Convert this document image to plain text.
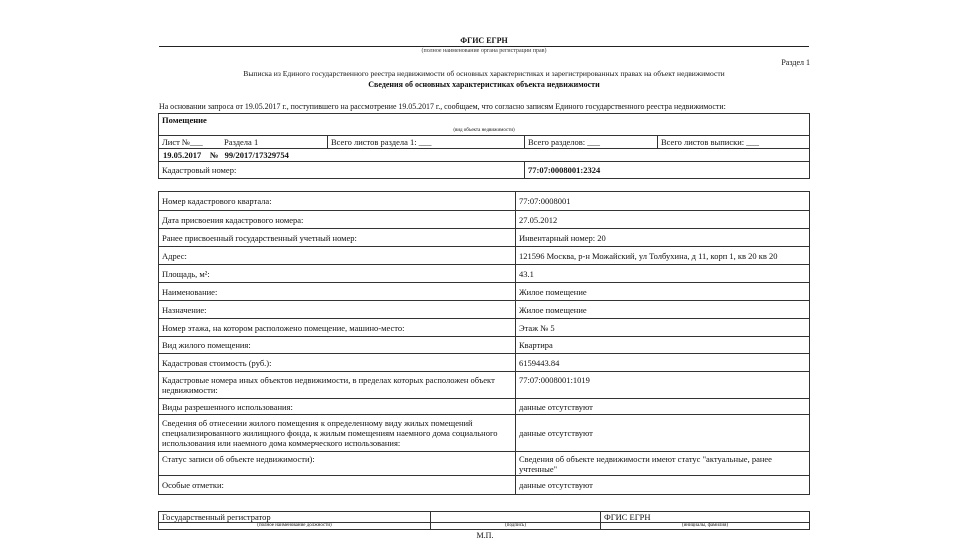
ФГИС ЕГРН
(полное наименование органа регистрации прав)
Раздел 1
Выписка из Единого государственного реестра недвижимости об основных характеристиках и зарегистрированных правах на объект недвижимости
Сведения об основных характеристиках объекта недвижимости
На основании запроса от 19.05.2017 г., поступившего на рассмотрение 19.05.2017 г., сообщаем, что согласно записям Единого государственного реестра недвижимости:
Помещение				
(вид объекта недвижимости)				
Лист №___	Раздела 1	Всего листов раздела 1: ___	Всего разделов: ___	Всего листов выписки: ___
19.05.2017 № 99/2017/17329754				
Кадастровый номер:			77:07:0008001:2324	
Номер кадастрового квартала:	77:07:0008001
Дата присвоения кадастрового номера:	27.05.2012
Ранее присвоенный государственный учетный номер:	Инвентарный номер: 20
Адрес:	121596 Москва, р-н Можайский, ул Толбухина, д 11, корп 1, кв 20 кв 20
Площадь, м²:	43.1
Наименование:	Жилое помещение
Назначение:	Жилое помещение
Номер этажа, на котором расположено помещение, машино-место:	Этаж № 5
Вид жилого помещения:	Квартира
Кадастровая стоимость (руб.):	6159443.84
Кадастровые номера иных объектов недвижимости, в пределах которых расположен объект недвижимости:	77:07:0008001:1019
Виды разрешенного использования:	данные отсутствуют
Сведения об отнесении жилого помещения к определенному виду жилых помещений специализированного жилищного фонда, к жилым помещениям наемного дома социального использования или наемного дома коммерческого использования:	данные отсутствуют
Статус записи об объекте недвижимости):	Сведения об объекте недвижимости имеют статус "актуальные, ранее учтенные"
Особые отметки:	данные отсутствуют
Государственный регистратор		ФГИС ЕГРН
(полное наименование должности)	(подпись)	(инициалы, фамилия)
М.П.
